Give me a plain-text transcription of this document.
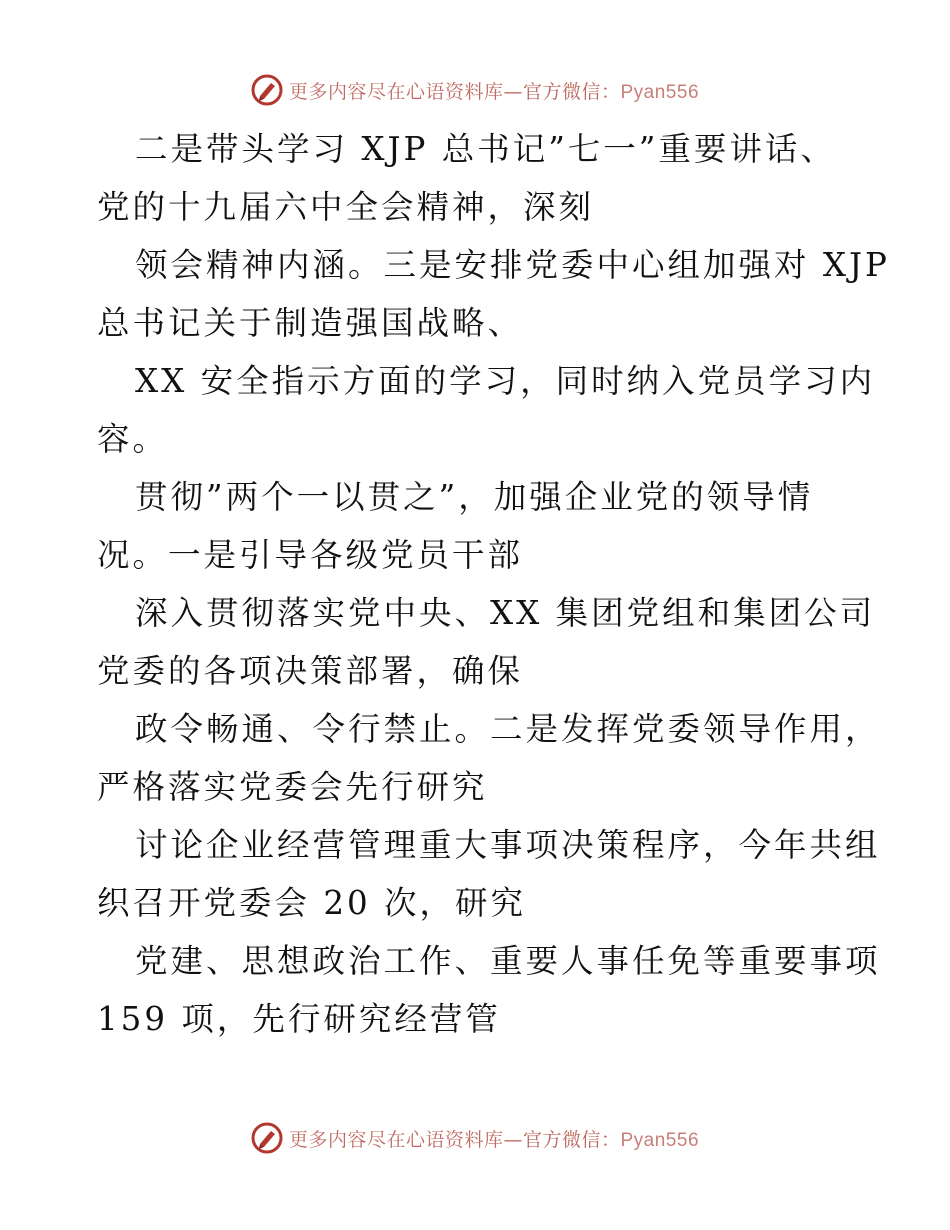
更多内容尽在心语资料库—官方微信：Pyan556
二是带头学习 XJP 总书记”七一”重要讲话、
党的十九届六中全会精神，深刻
领会精神内涵。三是安排党委中心组加强对 XJP
总书记关于制造强国战略、
XX 安全指示方面的学习，同时纳入党员学习内
容。
贯彻”两个一以贯之”，加强企业党的领导情
况。一是引导各级党员干部
深入贯彻落实党中央、XX 集团党组和集团公司
党委的各项决策部署，确保
政令畅通、令行禁止。二是发挥党委领导作用，
严格落实党委会先行研究
讨论企业经营管理重大事项决策程序，今年共组
织召开党委会 20 次，研究
党建、思想政治工作、重要人事任免等重要事项
159 项，先行研究经营管
更多内容尽在心语资料库—官方微信：Pyan556
